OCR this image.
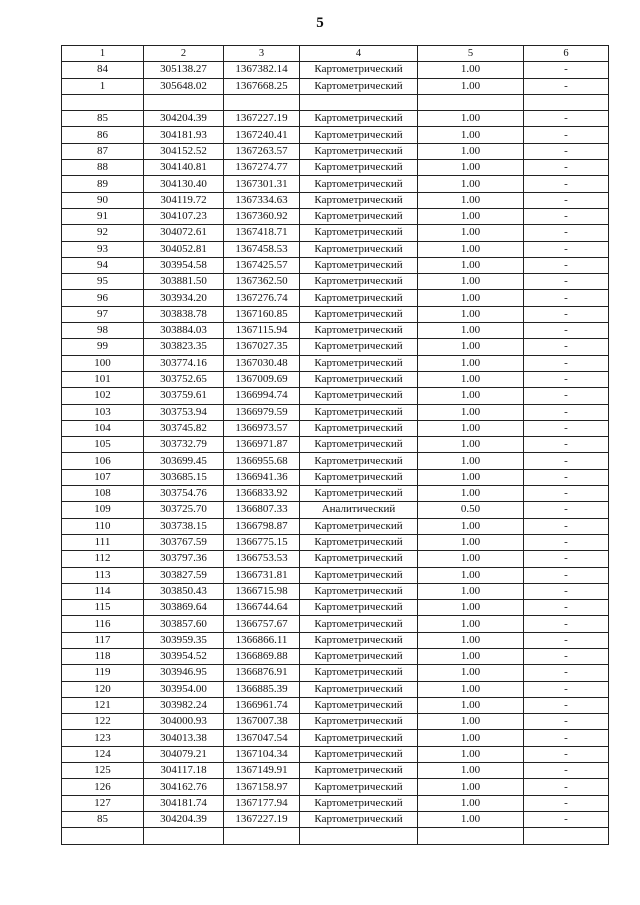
5
1	2	3	4	5	6
84	305138.27	1367382.14	Картометрический	1.00	-
1	305648.02	1367668.25	Картометрический	1.00	-

85	304204.39	1367227.19	Картометрический	1.00	-
86	304181.93	1367240.41	Картометрический	1.00	-
87	304152.52	1367263.57	Картометрический	1.00	-
88	304140.81	1367274.77	Картометрический	1.00	-
89	304130.40	1367301.31	Картометрический	1.00	-
90	304119.72	1367334.63	Картометрический	1.00	-
91	304107.23	1367360.92	Картометрический	1.00	-
92	304072.61	1367418.71	Картометрический	1.00	-
93	304052.81	1367458.53	Картометрический	1.00	-
94	303954.58	1367425.57	Картометрический	1.00	-
95	303881.50	1367362.50	Картометрический	1.00	-
96	303934.20	1367276.74	Картометрический	1.00	-
97	303838.78	1367160.85	Картометрический	1.00	-
98	303884.03	1367115.94	Картометрический	1.00	-
99	303823.35	1367027.35	Картометрический	1.00	-
100	303774.16	1367030.48	Картометрический	1.00	-
101	303752.65	1367009.69	Картометрический	1.00	-
102	303759.61	1366994.74	Картометрический	1.00	-
103	303753.94	1366979.59	Картометрический	1.00	-
104	303745.82	1366973.57	Картометрический	1.00	-
105	303732.79	1366971.87	Картометрический	1.00	-
106	303699.45	1366955.68	Картометрический	1.00	-
107	303685.15	1366941.36	Картометрический	1.00	-
108	303754.76	1366833.92	Картометрический	1.00	-
109	303725.70	1366807.33	Аналитический	0.50	-
110	303738.15	1366798.87	Картометрический	1.00	-
111	303767.59	1366775.15	Картометрический	1.00	-
112	303797.36	1366753.53	Картометрический	1.00	-
113	303827.59	1366731.81	Картометрический	1.00	-
114	303850.43	1366715.98	Картометрический	1.00	-
115	303869.64	1366744.64	Картометрический	1.00	-
116	303857.60	1366757.67	Картометрический	1.00	-
117	303959.35	1366866.11	Картометрический	1.00	-
118	303954.52	1366869.88	Картометрический	1.00	-
119	303946.95	1366876.91	Картометрический	1.00	-
120	303954.00	1366885.39	Картометрический	1.00	-
121	303982.24	1366961.74	Картометрический	1.00	-
122	304000.93	1367007.38	Картометрический	1.00	-
123	304013.38	1367047.54	Картометрический	1.00	-
124	304079.21	1367104.34	Картометрический	1.00	-
125	304117.18	1367149.91	Картометрический	1.00	-
126	304162.76	1367158.97	Картометрический	1.00	-
127	304181.74	1367177.94	Картометрический	1.00	-
85	304204.39	1367227.19	Картометрический	1.00	-
